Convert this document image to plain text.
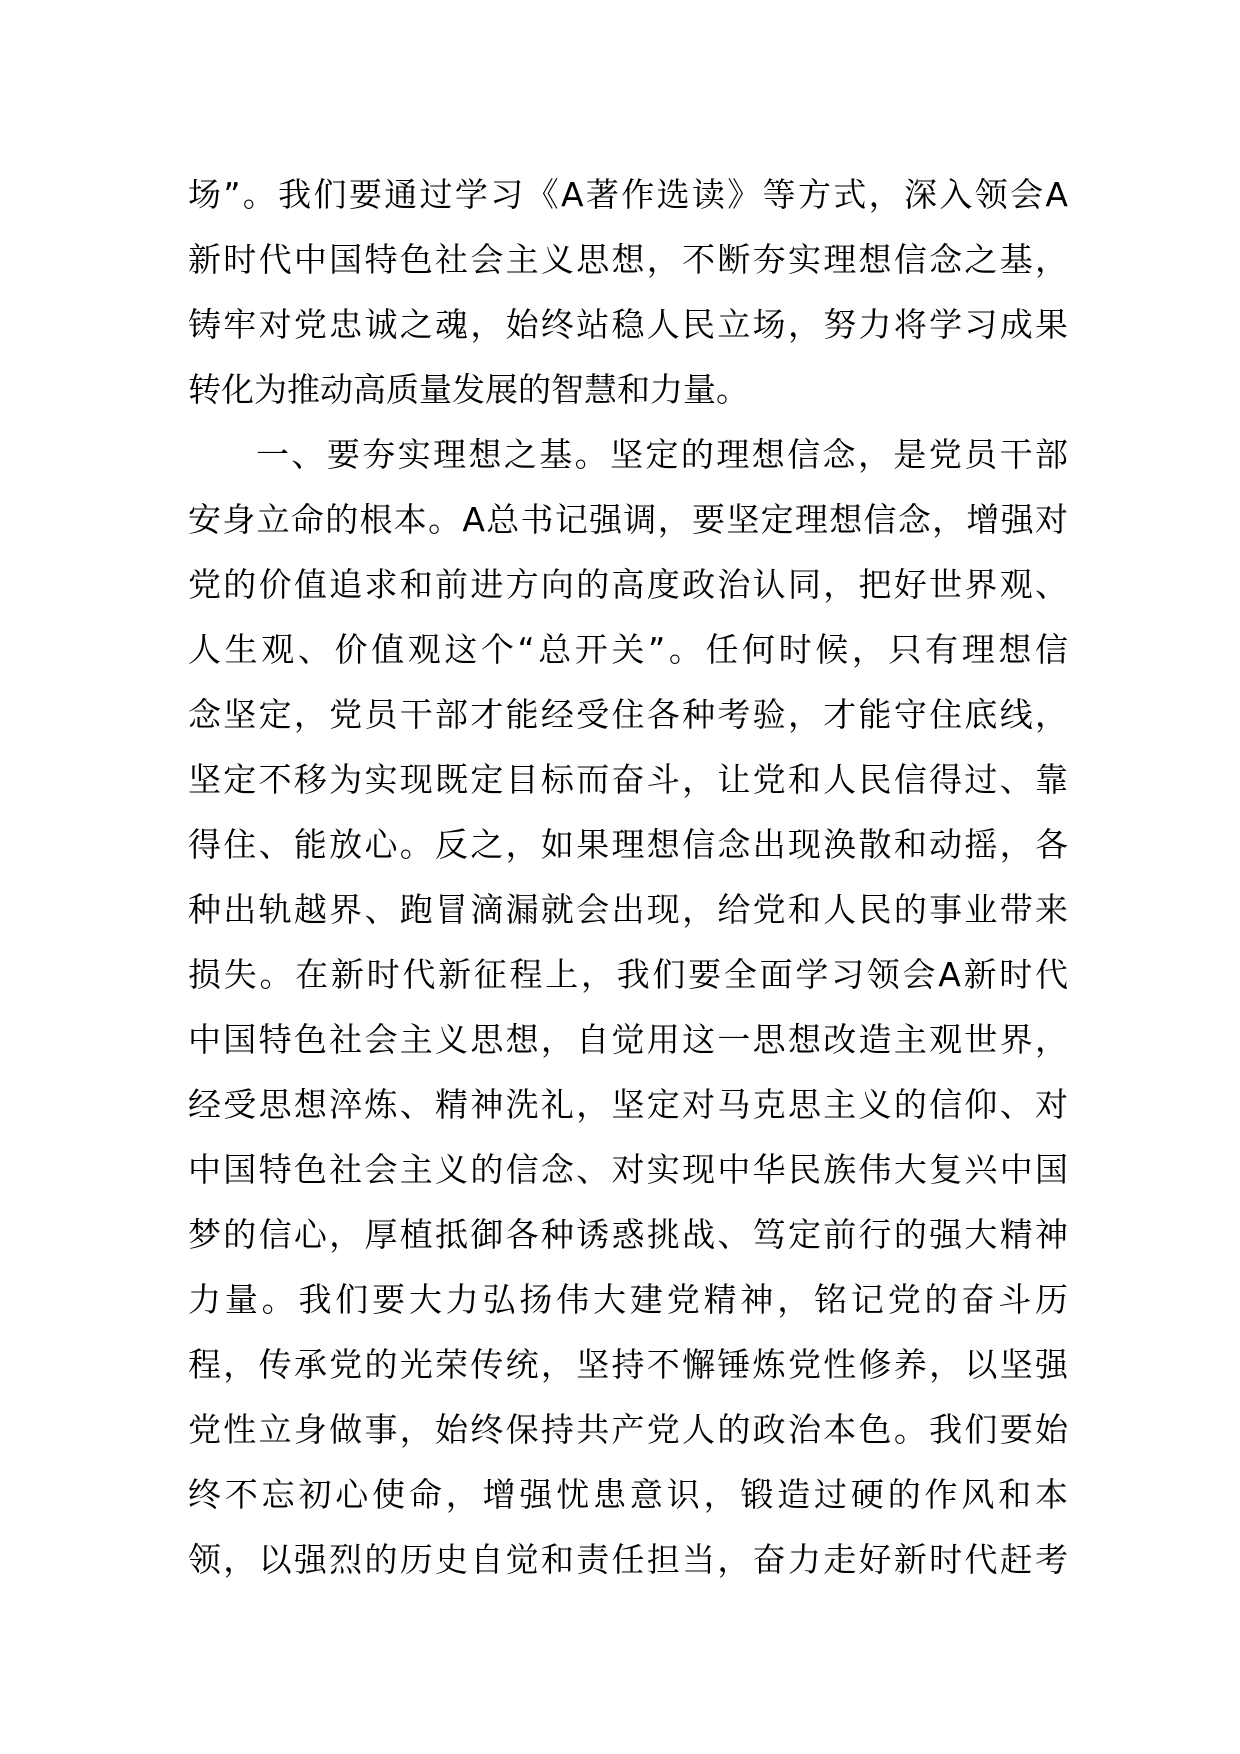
场”。我们要通过学习《A著作选读》等方式，深入领会A
新时代中国特色社会主义思想，不断夯实理想信念之基，
铸牢对党忠诚之魂，始终站稳人民立场，努力将学习成果
转化为推动高质量发展的智慧和力量。
一、要夯实理想之基。坚定的理想信念，是党员干部
安身立命的根本。A总书记强调，要坚定理想信念，增强对
党的价值追求和前进方向的高度政治认同，把好世界观、
人生观、价值观这个“总开关”。任何时候，只有理想信
念坚定，党员干部才能经受住各种考验，才能守住底线，
坚定不移为实现既定目标而奋斗，让党和人民信得过、靠
得住、能放心。反之，如果理想信念出现涣散和动摇，各
种出轨越界、跑冒滴漏就会出现，给党和人民的事业带来
损失。在新时代新征程上，我们要全面学习领会A新时代
中国特色社会主义思想，自觉用这一思想改造主观世界，
经受思想淬炼、精神洗礼，坚定对马克思主义的信仰、对
中国特色社会主义的信念、对实现中华民族伟大复兴中国
梦的信心，厚植抵御各种诱惑挑战、笃定前行的强大精神
力量。我们要大力弘扬伟大建党精神，铭记党的奋斗历
程，传承党的光荣传统，坚持不懈锤炼党性修养，以坚强
党性立身做事，始终保持共产党人的政治本色。我们要始
终不忘初心使命，增强忧患意识，锻造过硬的作风和本
领，以强烈的历史自觉和责任担当，奋力走好新时代赶考
